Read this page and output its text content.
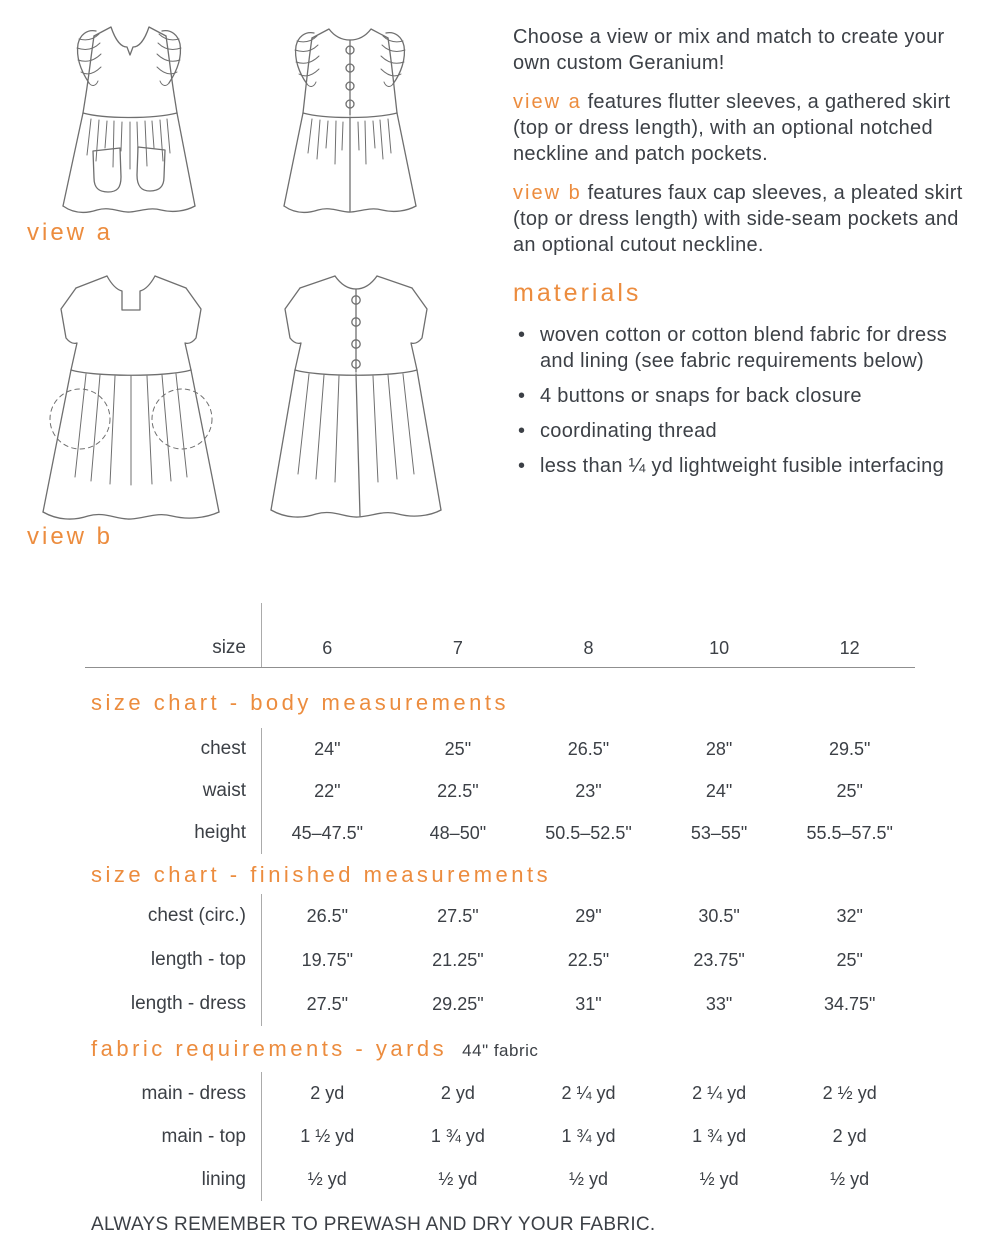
view a
view b

Choose a view or mix and match to create your own custom Geranium!

view a features flutter sleeves, a gathered skirt (top or dress length), with an optional notched neckline and patch pockets.

view b features faux cap sleeves, a pleated skirt (top or dress length) with side-seam pockets and an optional cutout neckline.

materials
• woven cotton or cotton blend fabric for dress and lining (see fabric requirements below)
• 4 buttons or snaps for back closure
• coordinating thread
• less than ¼ yd lightweight fusible interfacing
size	6	7	8	10	12
size chart - body measurements
chest	24"	25"	26.5"	28"	29.5"
waist	22"	22.5"	23"	24"	25"
height	45–47.5"	48–50"	50.5–52.5"	53–55"	55.5–57.5"
size chart - finished measurements
chest (circ.)	26.5"	27.5"	29"	30.5"	32"
length - top	19.75"	21.25"	22.5"	23.75"	25"
length - dress	27.5"	29.25"	31"	33"	34.75"
fabric requirements - yards 44" fabric
main - dress	2 yd	2 yd	2 ¼ yd	2 ¼ yd	2 ½ yd
main - top	1 ½ yd	1 ¾ yd	1 ¾ yd	1 ¾ yd	2 yd
lining	½ yd	½ yd	½ yd	½ yd	½ yd
ALWAYS REMEMBER TO PREWASH AND DRY YOUR FABRIC.
